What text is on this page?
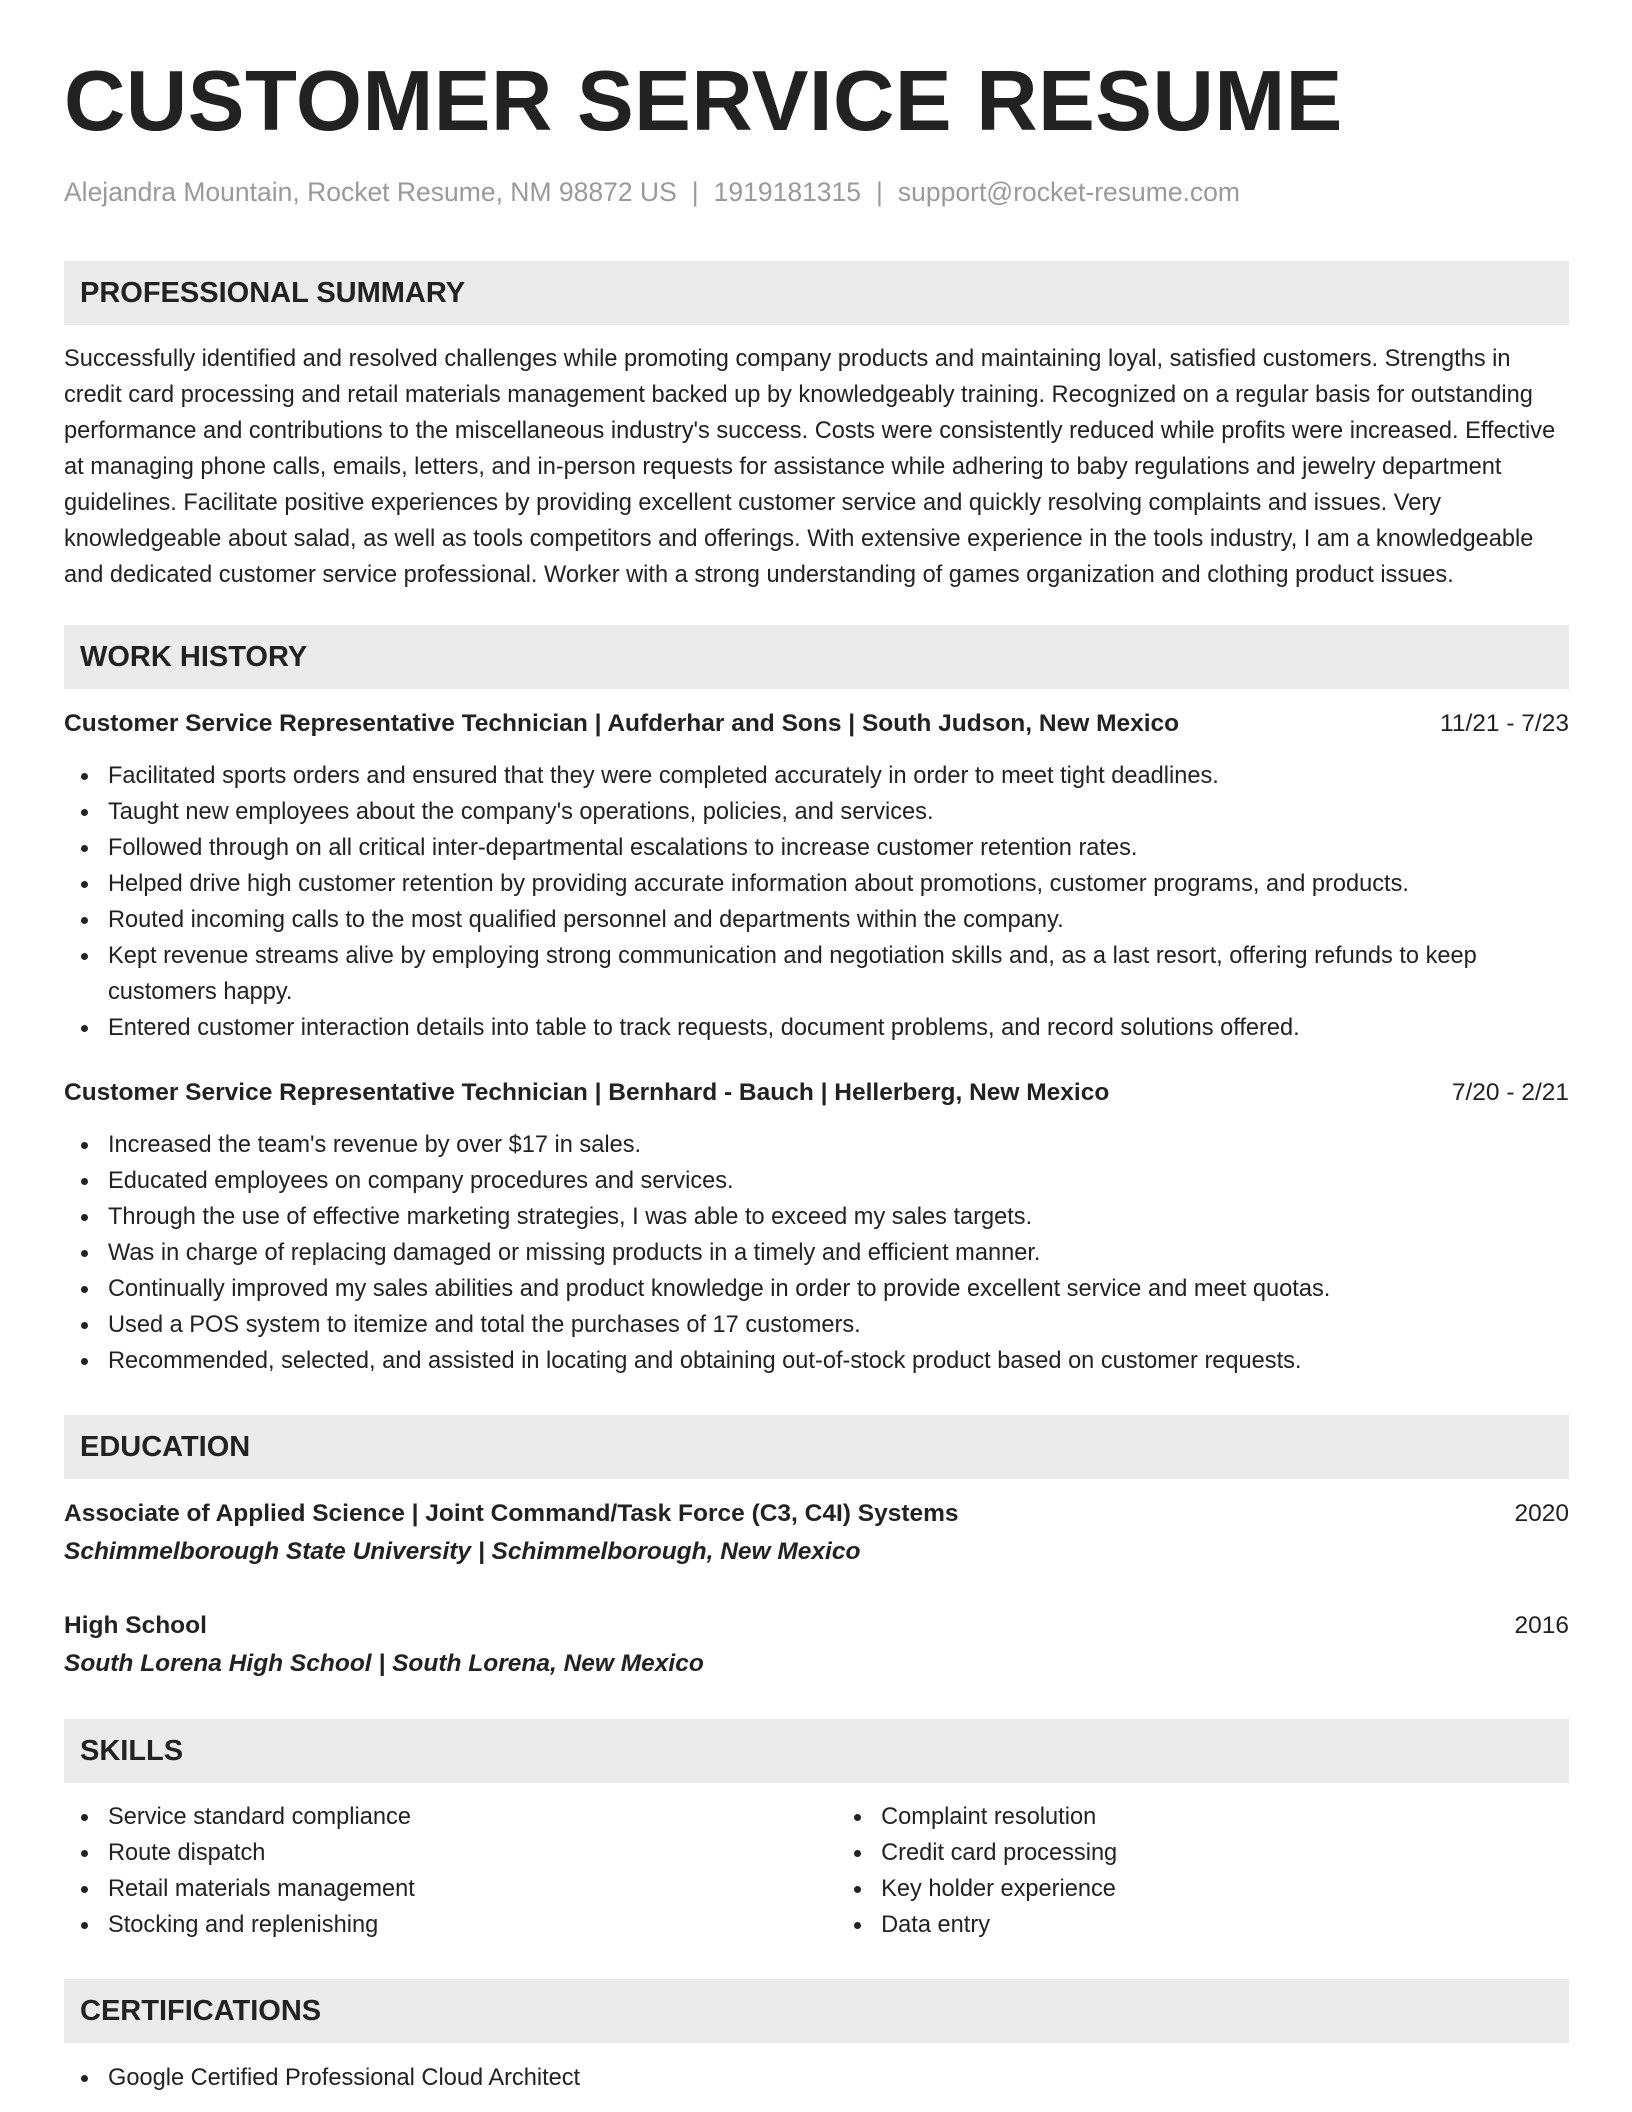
CUSTOMER SERVICE RESUME
Alejandra Mountain, Rocket Resume, NM 98872 US | 1919181315 | support@rocket-resume.com
PROFESSIONAL SUMMARY

Successfully identified and resolved challenges while promoting company products and maintaining loyal, satisfied customers. Strengths in credit card processing and retail materials management backed up by knowledgeably training. Recognized on a regular basis for outstanding performance and contributions to the miscellaneous industry's success. Costs were consistently reduced while profits were increased. Effective at managing phone calls, emails, letters, and in-person requests for assistance while adhering to baby regulations and jewelry department guidelines. Facilitate positive experiences by providing excellent customer service and quickly resolving complaints and issues. Very knowledgeable about salad, as well as tools competitors and offerings. With extensive experience in the tools industry, I am a knowledgeable and dedicated customer service professional. Worker with a strong understanding of games organization and clothing product issues.

WORK HISTORY
Customer Service Representative Technician | Aufderhar and Sons | South Judson, New Mexico	11/21 - 7/23
Facilitated sports orders and ensured that they were completed accurately in order to meet tight deadlines.
Taught new employees about the company's operations, policies, and services.
Followed through on all critical inter-departmental escalations to increase customer retention rates.
Helped drive high customer retention by providing accurate information about promotions, customer programs, and products.
Routed incoming calls to the most qualified personnel and departments within the company.
Kept revenue streams alive by employing strong communication and negotiation skills and, as a last resort, offering refunds to keep customers happy.
Entered customer interaction details into table to track requests, document problems, and record solutions offered.
Customer Service Representative Technician | Bernhard - Bauch | Hellerberg, New Mexico	7/20 - 2/21
Increased the team's revenue by over $17 in sales.
Educated employees on company procedures and services.
Through the use of effective marketing strategies, I was able to exceed my sales targets.
Was in charge of replacing damaged or missing products in a timely and efficient manner.
Continually improved my sales abilities and product knowledge in order to provide excellent service and meet quotas.
Used a POS system to itemize and total the purchases of 17 customers.
Recommended, selected, and assisted in locating and obtaining out-of-stock product based on customer requests.
EDUCATION
Associate of Applied Science | Joint Command/Task Force (C3, C4I) Systems	2020
Schimmelborough State University | Schimmelborough, New Mexico
High School	2016
South Lorena High School | South Lorena, New Mexico
SKILLS
Service standard compliance
Route dispatch
Retail materials management
Stocking and replenishing
Complaint resolution
Credit card processing
Key holder experience
Data entry
CERTIFICATIONS
Google Certified Professional Cloud Architect
